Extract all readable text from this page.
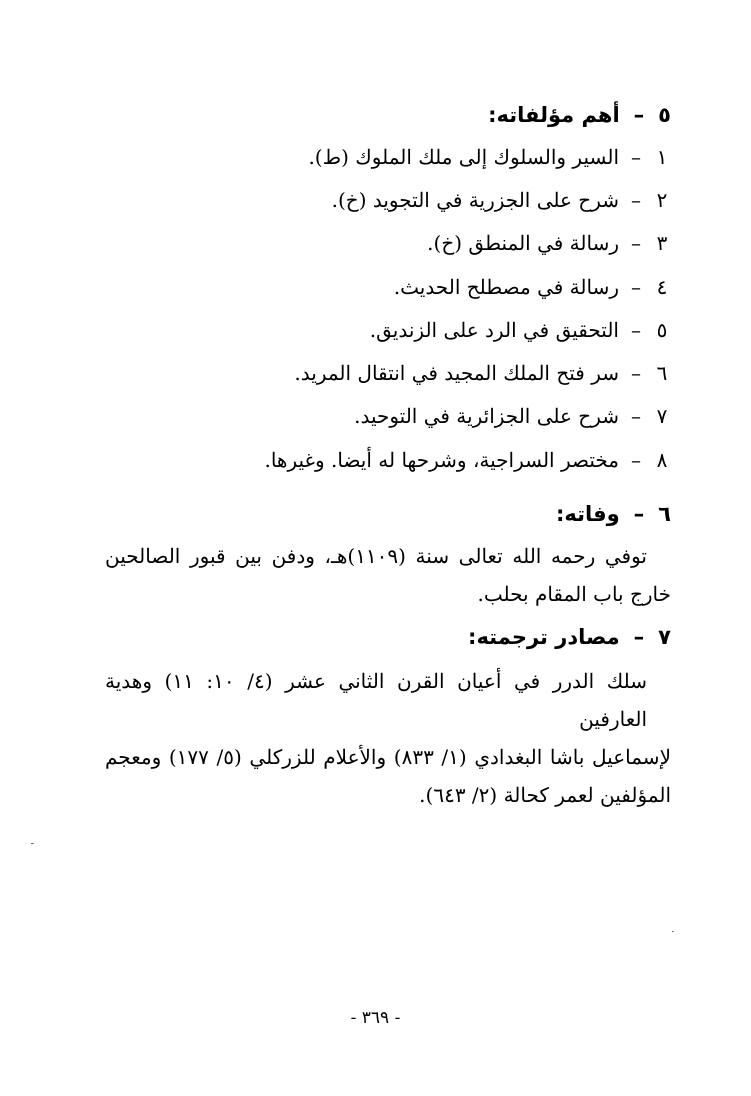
٥–أهم مؤلفاته:
١–السير والسلوك إلى ملك الملوك (ط).
٢–شرح على الجزرية في التجويد (خ).
٣–رسالة في المنطق (خ).
٤–رسالة في مصطلح الحديث.
٥–التحقيق في الرد على الزنديق.
٦–سر فتح الملك المجيد في انتقال المريد.
٧–شرح على الجزائرية في التوحيد.
٨–مختصر السراجية، وشرحها له أيضا. وغيرها.
٦–وفاته:
توفي رحمه الله تعالى سنة (١١٠٩)هـ، ودفن بين قبور الصالحين
خارج باب المقام بحلب.
٧–مصادر ترجمته:
سلك الدرر في أعيان القرن الثاني عشر (٤/ ١٠: ١١) وهدية العارفين
لإسماعيل باشا البغدادي (١/ ٨٣٣) والأعلام للزركلي (٥/ ١٧٧) ومعجم
المؤلفين لعمر كحالة (٢/ ٦٤٣).
- ٣٦٩ -
